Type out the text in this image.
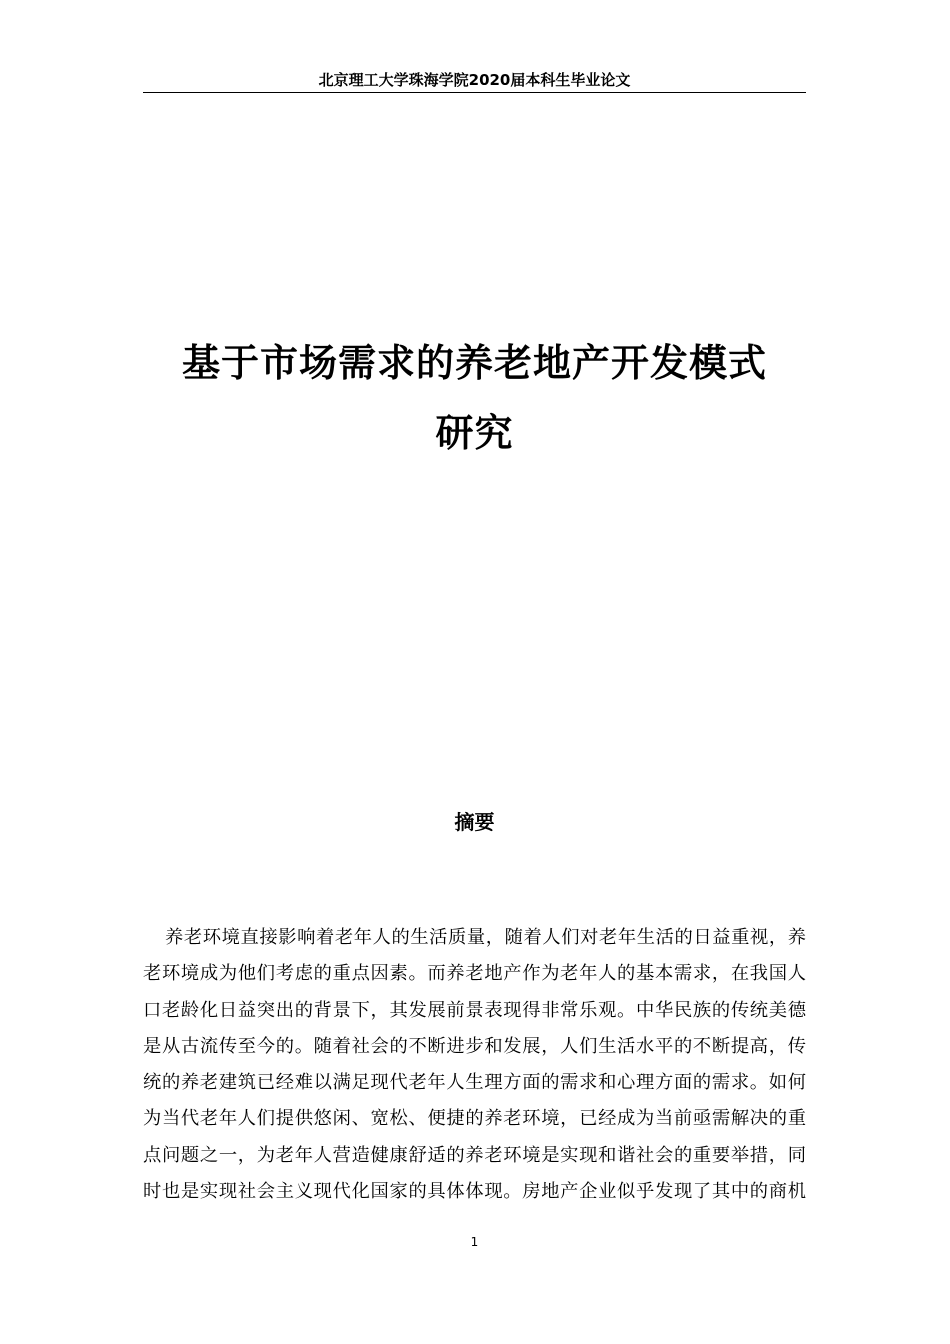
北京理工大学珠海学院2020届本科生毕业论文
基于市场需求的养老地产开发模式
研究
摘要
养老环境直接影响着老年人的生活质量，随着人们对老年生活的日益重视，养
老环境成为他们考虑的重点因素。而养老地产作为老年人的基本需求，在我国人
口老龄化日益突出的背景下，其发展前景表现得非常乐观。中华民族的传统美德
是从古流传至今的。随着社会的不断进步和发展，人们生活水平的不断提高，传
统的养老建筑已经难以满足现代老年人生理方面的需求和心理方面的需求。如何
为当代老年人们提供悠闲、宽松、便捷的养老环境，已经成为当前亟需解决的重
点问题之一，为老年人营造健康舒适的养老环境是实现和谐社会的重要举措，同
时也是实现社会主义现代化国家的具体体现。房地产企业似乎发现了其中的商机
1
